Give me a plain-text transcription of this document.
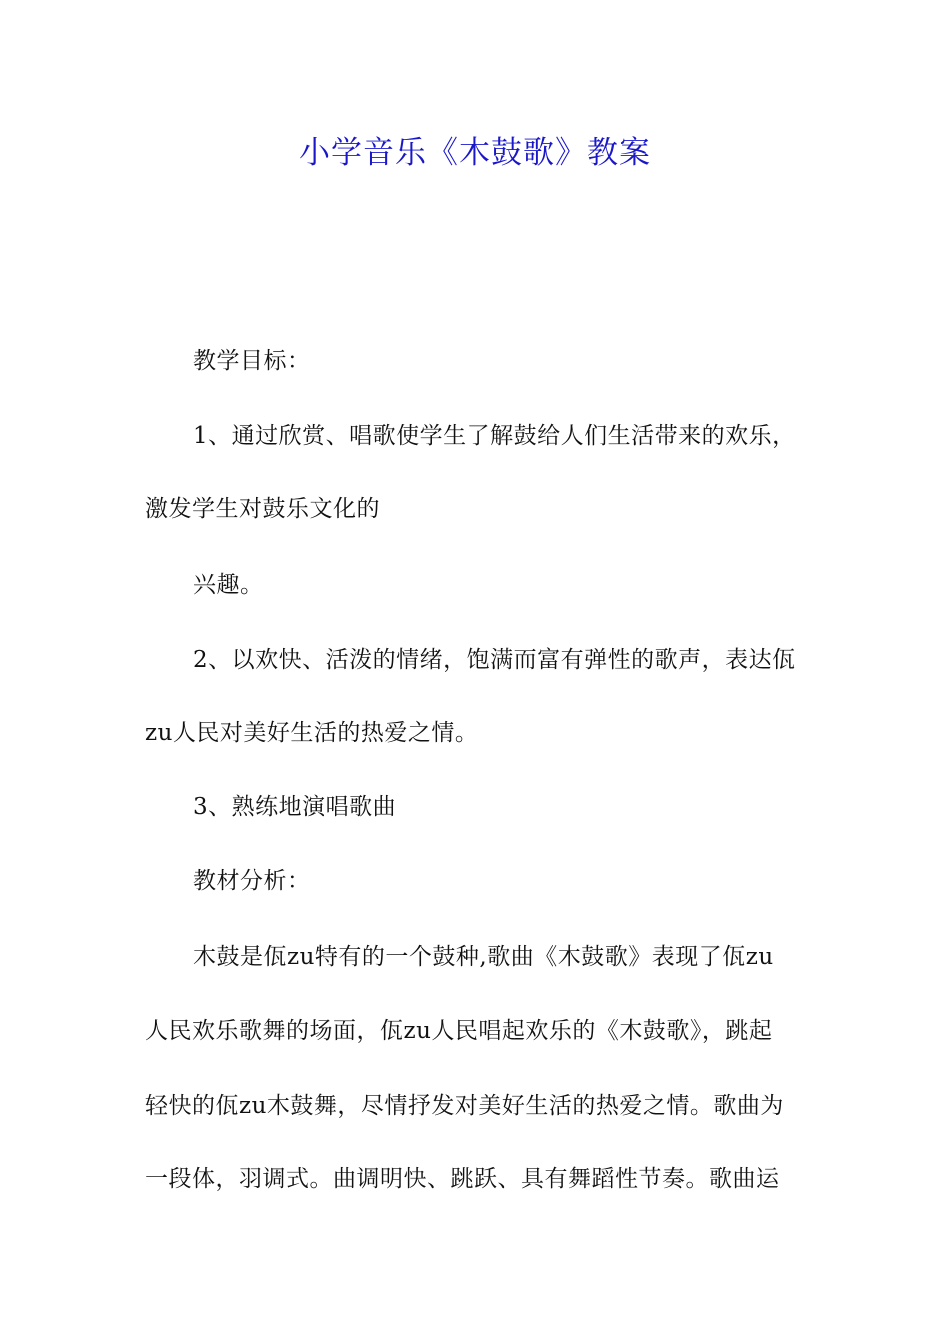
小学音乐《木鼓歌》教案
教学目标：
1、通过欣赏、唱歌使学生了解鼓给人们生活带来的欢乐，
激发学生对鼓乐文化的
兴趣。
2、以欢快、活泼的情绪，饱满而富有弹性的歌声，表达佤
zu人民对美好生活的热爱之情。
3、熟练地演唱歌曲
教材分析：
木鼓是佤zu特有的一个鼓种,歌曲《木鼓歌》表现了佤zu
人民欢乐歌舞的场面，佤zu人民唱起欢乐的《木鼓歌》，跳起
轻快的佤zu木鼓舞，尽情抒发对美好生活的热爱之情。歌曲为
一段体，羽调式。曲调明快、跳跃、具有舞蹈性节奏。歌曲运
